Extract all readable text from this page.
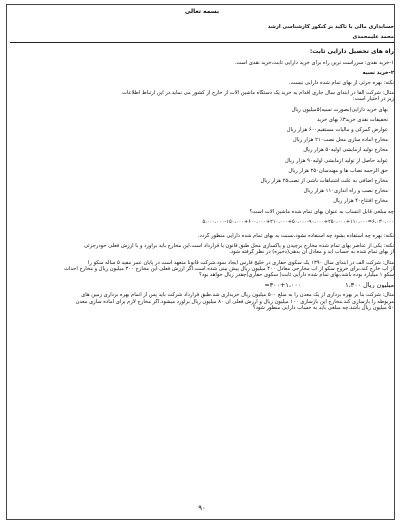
بسمه تعالی
حسابداری مالی با تاکید بر کنکور کارشناسی ارشد
محمد علیمحمدی
راه های تحصیل دارایی ثابت:
۱-خرید نقدی: سرراست ترین راه برای خرید دارایی ثابت،خرید نقدی است.
۲-خرید نسیه
نکته: بهره جزئی از بهای تمام شده دارایی نیست.
مثال: شرکت آلفا در ابتدای سال جاری اقدام به خرید یک دستگاه ماشین آلات از خارج از کشور می نماید.در این ارتباط اطلاعات
زیر در اختیار است:
بهای خرید دارایی(بصورت نسیه)۵میلیون ریال
تخفیفات نقدی خرید۳٪ بهای خرید
عوارض گمرکی و مالیات مستقیم۶۰۰ هزار ریال
مخارج آماده سازی محل نصب۲۱۰ هزار ریال
مخارج تولید آزمایشی اولیه۵۰ هزار ریال
عواید حاصل از تولید آزمایشی اولیه۹۰ هزار ریال
حق الزحمه نصاب ها و مهندسان۲۵۰ هزار ریال
مخارج اضافی به علت اشتباهات ناشی از نصب۲۵ هزار ریال
مخارج نصب و راه اندازی۱۱۰ هزار ریال
مخارج افتتاح۴۰ هزار ریال
چه مبلغی قابل انتساب به عنوان بهای تمام شده ماشین آلات است؟
۵،۰۰۰،۰۰۰-۱۵۰،۰۰۰+۶۰۰،۰۰۰+۲۱۰،۰۰۰+۵۰،۰۰۰-۹۰،۰۰۰+۲۵۰،۰۰۰+۱۱۰،۰۰۰=۶،۰۳۰،۰۰۰
نکته: بهره چه استفاده بشود چه استفاده نشود،نسبت به بهای تمام شده دارایی منظور گردد.
نکته: یکی از عناصر بهای تمام شده مخارج برچیدن و پاکسازی محل طبق قانون یا قرارداد است.این مخارج باید برآورد و با ارزش فعلی خودرجزئی
از بهای تمام شده به حساب آید و معادل آن بدهی(ذخیره) در نظر گرفته شود.
مثال: شرکت الف در ابتدای سال ۱۳۹۰ یک سکوی حفاری در خلیج فارس ایجاد نمود.شرکت قانونا متعهد است در پایان عمر مفید ۵ ساله سکو را
از آب خارج کند.برای خروج سکو از آب مخارجی معادل ۴۰۰ میلیون ریال پیش بینی شده است.اگر ارزش فعلی این مخارج ۳۰۰ میلیون ریال و مخارج احداث
سکو ۱ میلیارد بوده باشد،بهای تمام شده دارایی ثابت( سکوی حفاری)چقدر ریال خواهد بود؟
میلیون ریال ۱،۳۰۰  ۱،۰۰۰+۳۰۰=
مثال: شرکت بنا بر بهره برداری از یک معدن را به مبلغ ۵۰۰ میلیون ریال خریداری شد.طبق قرارداد شرکت باید پس از اتمام بهره برداری زمین های
مربوطه را بازسازی کند.مخارج این بازسازی ۱۰۰ میلیون ریال و ارزش فعلی آن ۸۰ میلیون ریال برآورد میشود.اگر مخارج لازم برای آماده سازی معدن
۵۰ میلیون ریال باشد،چه مبلغی باید به حساب دارایی منظور شود؟
۹۰
